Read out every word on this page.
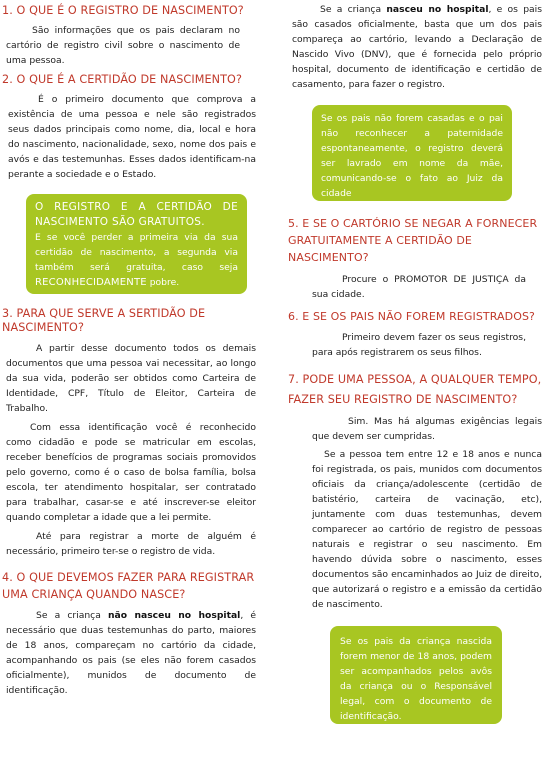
1. O QUE É O REGISTRO DE NASCIMENTO?

São informações que os pais declaram no cartório de registro civil sobre o nascimento de uma pessoa.

2. O QUE É A CERTIDÃO DE NASCIMENTO?

É o primeiro documento que comprova a existência de uma pessoa e nele são registrados seus dados principais como nome, dia, local e hora do nascimento, nacionalidade, sexo, nome dos pais e avós e das testemunhas. Esses dados identificam-na perante a sociedade e o Estado.

O REGISTRO E A CERTIDÃO DE NASCIMENTO SÃO GRATUITOS.
E se você perder a primeira via da sua certidão de nascimento, a segunda via também será gratuita, caso seja RECONHECIDAMENTE pobre.
3. PARA QUE SERVE A SERTIDÃO DE NASCIMENTO?

A partir desse documento todos os demais documentos que uma pessoa vai necessitar, ao longo da sua vida, poderão ser obtidos como Carteira de Identidade, CPF, Título de Eleitor, Carteira de Trabalho.

Com essa identificação você é reconhecido como cidadão e pode se matricular em escolas, receber benefícios de programas sociais promovidos pelo governo, como é o caso de bolsa família, bolsa escola, ter atendimento hospitalar, ser contratado para trabalhar, casar-se e até inscrever-se eleitor quando completar a idade que a lei permite.

Até para registrar a morte de alguém é necessário, primeiro ter-se o registro de vida.

4. O QUE DEVEMOS FAZER PARA REGISTRAR UMA CRIANÇA QUANDO NASCE?

Se a criança não nasceu no hospital, é necessário que duas testemunhas do parto, maiores de 18 anos, compareçam no cartório da cidade, acompanhando os pais (se eles não forem casados oficialmente), munidos de documento de identificação.

Se a criança nasceu no hospital, e os pais são casados oficialmente, basta que um dos pais compareça ao cartório, levando a Declaração de Nascido Vivo (DNV), que é fornecida pelo próprio hospital, documento de identificação e certidão de casamento, para fazer o registro.

Se os pais não forem casadas e o pai não reconhecer a paternidade espontaneamente, o registro deverá ser lavrado em nome da mãe, comunicando-se o fato ao Juiz da cidade
5. E SE O CARTÓRIO SE NEGAR A FORNECER GRATUITAMENTE A CERTIDÃO DE NASCIMENTO?

Procure o PROMOTOR DE JUSTIÇA da sua cidade.

6. E SE OS PAIS NÃO FOREM REGISTRADOS?

Primeiro devem fazer os seus registros, para após registrarem os seus filhos.

7. PODE UMA PESSOA, A QUALQUER TEMPO, FAZER SEU REGISTRO DE NASCIMENTO?

Sim. Mas há algumas exigências legais que devem ser cumpridas.

Se a pessoa tem entre 12 e 18 anos e nunca foi registrada, os pais, munidos com documentos oficiais da criança/adolescente (certidão de batistério, carteira de vacinação, etc), juntamente com duas testemunhas, devem comparecer ao cartório de registro de pessoas naturais e registrar o seu nascimento. Em havendo dúvida sobre o nascimento, esses documentos são encaminhados ao Juiz de direito, que autorizará o registro e a emissão da certidão de nascimento.

Se os pais da criança nascida forem menor de 18 anos, podem ser acompanhados pelos avôs da criança ou o Responsável legal, com o documento de identificação.
